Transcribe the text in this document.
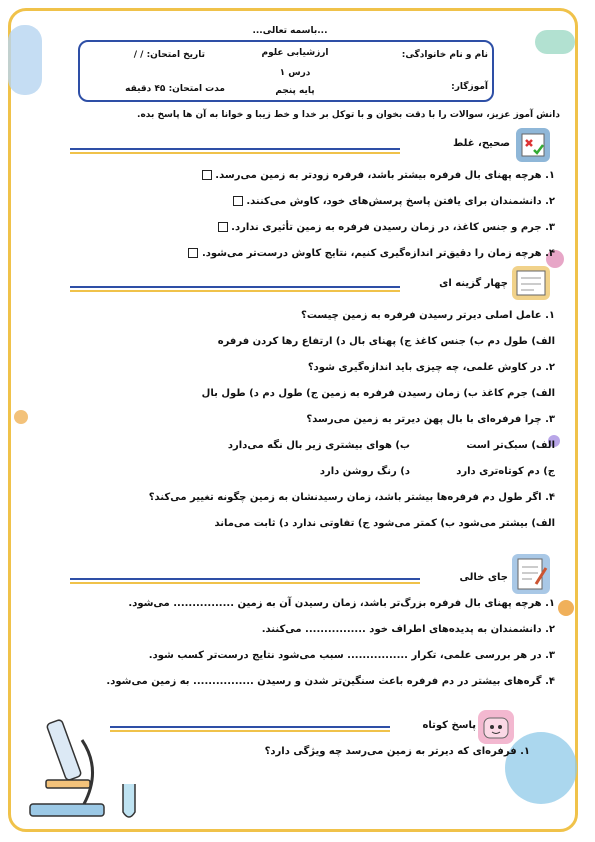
...باسمه تعالی...
نام و نام خانوادگی:
ارزشیابی علوم
تاریخ امتحان: / /
درس ۱
آموزگار:
پایه پنجم
مدت امتحان: ۴۵ دقیقه
دانش آموز عزیز، سوالات را با دقت بخوان و با توکل بر خدا و خط زیبا و خوانا به آن ها پاسخ بده.
صحیح، غلط
۱. هرچه پهنای بال فرفره بیشتر باشد، فرفره زودتر به زمین می‌رسد.
۲. دانشمندان برای یافتن پاسخ پرسش‌های خود، کاوش می‌کنند.
۳. جرم و جنس کاغذ، در زمان رسیدن فرفره به زمین تأثیری ندارد.
۴. هرچه زمان را دقیق‌تر اندازه‌گیری کنیم، نتایج کاوش درست‌تر می‌شود.
چهار گزینه ای
۱. عامل اصلی دیرتر رسیدن فرفره به زمین چیست؟
الف) طول دم ب) جنس کاغذ ج) پهنای بال د) ارتفاع رها کردن فرفره
۲. در کاوش علمی، چه چیزی باید اندازه‌گیری شود؟
الف) جرم کاغذ ب) زمان رسیدن فرفره به زمین ج) طول دم د) طول بال
۳. چرا فرفره‌ای با بال پهن دیرتر به زمین می‌رسد؟
الف) سبک‌تر است
ب) هوای بیشتری زیر بال نگه می‌دارد
ج) دم کوتاه‌تری دارد
د) رنگ روشن دارد
۴. اگر طول دم فرفره‌ها بیشتر باشد، زمان رسیدنشان به زمین چگونه تغییر می‌کند؟
الف) بیشتر می‌شود ب) کمتر می‌شود ج) تفاوتی ندارد د) ثابت می‌ماند
جای خالی
۱. هرچه پهنای بال فرفره بزرگ‌تر باشد، زمان رسیدن آن به زمین ................ می‌شود.
۲. دانشمندان به پدیده‌های اطراف خود ................ می‌کنند.
۳. در هر بررسی علمی، تکرار ................ سبب می‌شود نتایج درست‌تر کسب شود.
۴. گره‌های بیشتر در دم فرفره باعث سنگین‌تر شدن و رسیدن ................ به زمین می‌شود.
پاسخ کوتاه
۱. فرفره‌ای که دیرتر به زمین می‌رسد چه ویژگی دارد؟
